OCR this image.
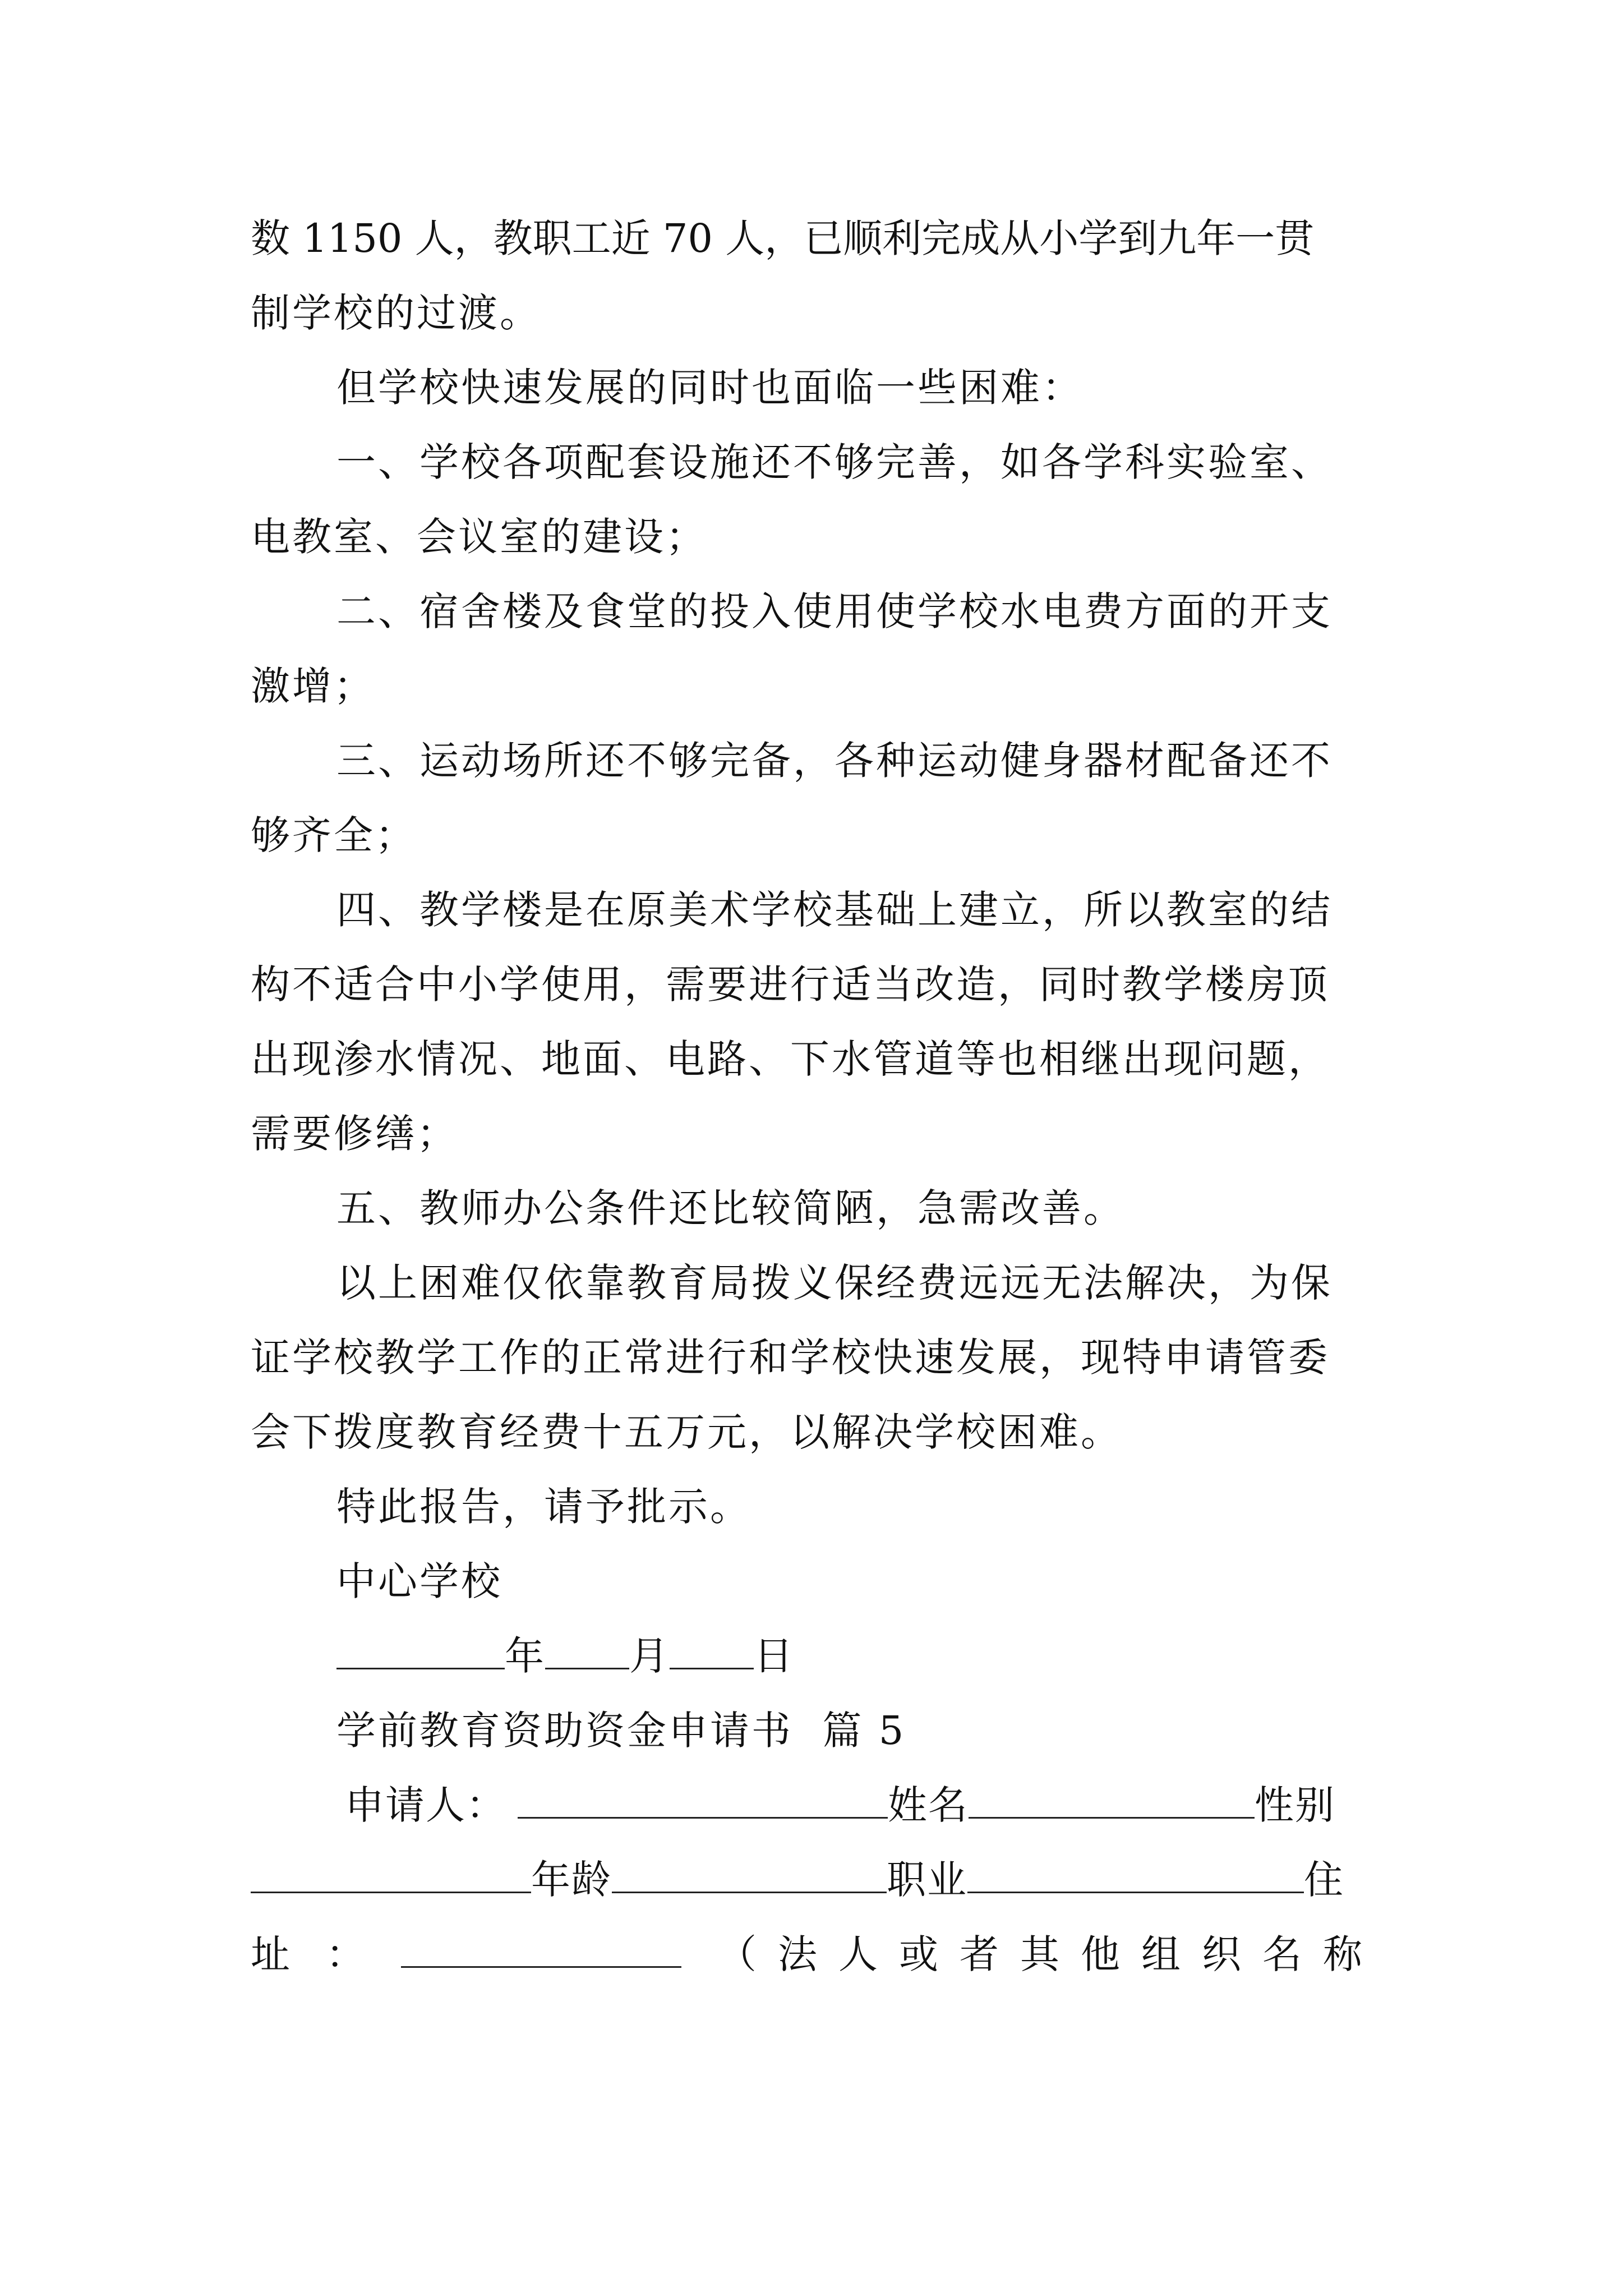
数 1150 人，教职工近 70 人，已顺利完成从小学到九年一贯
制学校的过渡。
但学校快速发展的同时也面临一些困难：
一、学校各项配套设施还不够完善，如各学科实验室、
电教室、会议室的建设；
二、宿舍楼及食堂的投入使用使学校水电费方面的开支
激增；
三、运动场所还不够完备，各种运动健身器材配备还不
够齐全；
四、教学楼是在原美术学校基础上建立，所以教室的结
构不适合中小学使用，需要进行适当改造，同时教学楼房顶
出现渗水情况、地面、电路、下水管道等也相继出现问题，
需要修缮；
五、教师办公条件还比较简陋，急需改善。
以上困难仅依靠教育局拨义保经费远远无法解决，为保
证学校教学工作的正常进行和学校快速发展，现特申请管委
会下拨度教育经费十五万元，以解决学校困难。
特此报告，请予批示。
中心学校
年 月 日
学前教育资助资金申请书  篇 5
申请人：	姓名	性别
年龄	职业	住
址 ：	（法人或者其他组织名称
